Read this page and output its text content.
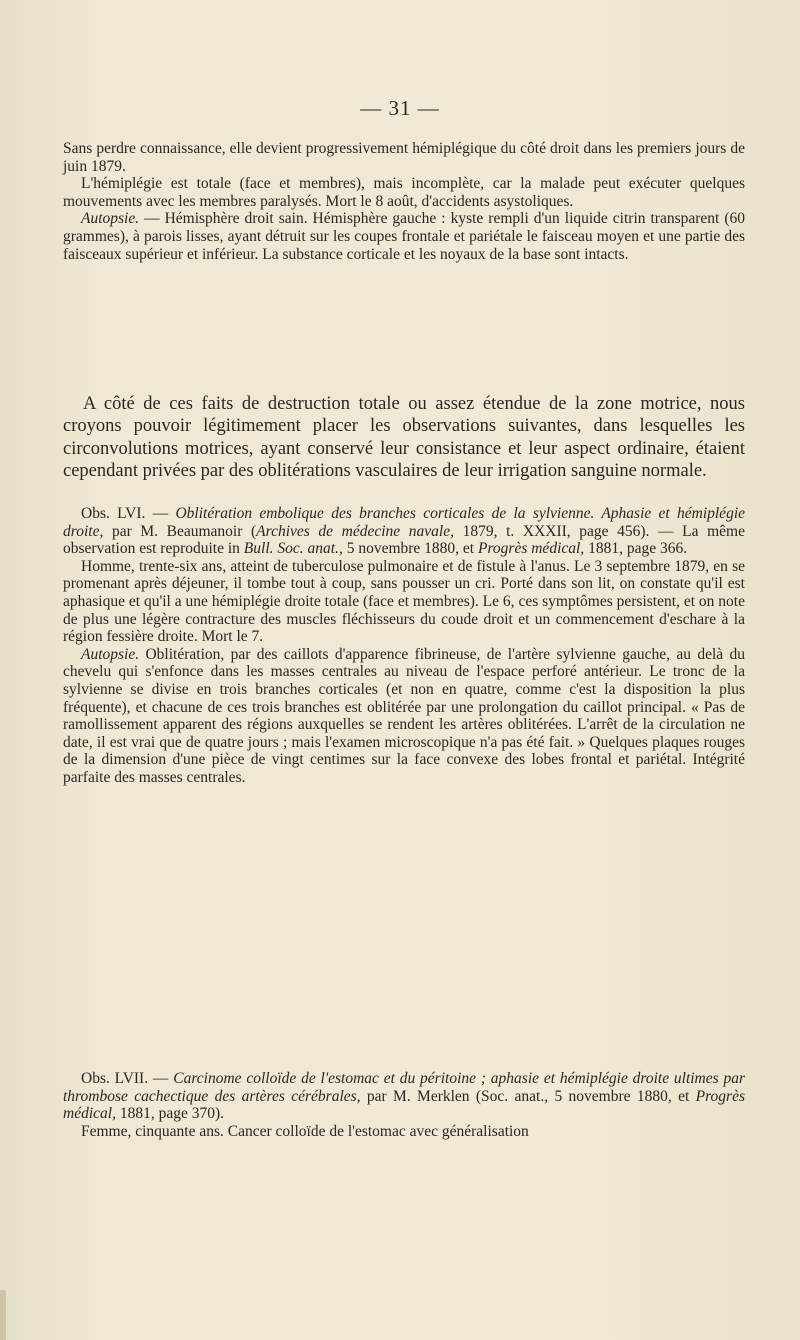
— 31 —

Sans perdre connaissance, elle devient progressivement hémiplégique du côté droit dans les premiers jours de juin 1879.

L'hémiplégie est totale (face et membres), mais incomplète, car la malade peut exécuter quelques mouvements avec les membres paralysés. Mort le 8 août, d'accidents asystoliques.

Autopsie. — Hémisphère droit sain. Hémisphère gauche : kyste rempli d'un liquide citrin transparent (60 grammes), à parois lisses, ayant détruit sur les coupes frontale et pariétale le faisceau moyen et une partie des faisceaux supérieur et inférieur. La substance corticale et les noyaux de la base sont intacts.

A côté de ces faits de destruction totale ou assez étendue de la zone motrice, nous croyons pouvoir légitimement placer les observations suivantes, dans lesquelles les circonvolutions motrices, ayant conservé leur consistance et leur aspect ordinaire, étaient cependant privées par des oblitérations vasculaires de leur irrigation sanguine normale.

Obs. LVI. — Oblitération embolique des branches corticales de la sylvienne. Aphasie et hémiplégie droite, par M. Beaumanoir (Archives de médecine navale, 1879, t. XXXII, page 456). — La même observation est reproduite in Bull. Soc. anat., 5 novembre 1880, et Progrès médical, 1881, page 366.

Homme, trente-six ans, atteint de tuberculose pulmonaire et de fistule à l'anus. Le 3 septembre 1879, en se promenant après déjeuner, il tombe tout à coup, sans pousser un cri. Porté dans son lit, on constate qu'il est aphasique et qu'il a une hémiplégie droite totale (face et membres). Le 6, ces symptômes persistent, et on note de plus une légère contracture des muscles fléchisseurs du coude droit et un commencement d'eschare à la région fessière droite. Mort le 7.

Autopsie. Oblitération, par des caillots d'apparence fibrineuse, de l'artère sylvienne gauche, au delà du chevelu qui s'enfonce dans les masses centrales au niveau de l'espace perforé antérieur. Le tronc de la sylvienne se divise en trois branches corticales (et non en quatre, comme c'est la disposition la plus fréquente), et chacune de ces trois branches est oblitérée par une prolongation du caillot principal. « Pas de ramollissement apparent des régions auxquelles se rendent les artères oblitérées. L'arrêt de la circulation ne date, il est vrai que de quatre jours ; mais l'examen microscopique n'a pas été fait. » Quelques plaques rouges de la dimension d'une pièce de vingt centimes sur la face convexe des lobes frontal et pariétal. Intégrité parfaite des masses centrales.

Obs. LVII. — Carcinome colloïde de l'estomac et du péritoine ; aphasie et hémiplégie droite ultimes par thrombose cachectique des artères cérébrales, par M. Merklen (Soc. anat., 5 novembre 1880, et Progrès médical, 1881, page 370).

Femme, cinquante ans. Cancer colloïde de l'estomac avec généralisation
